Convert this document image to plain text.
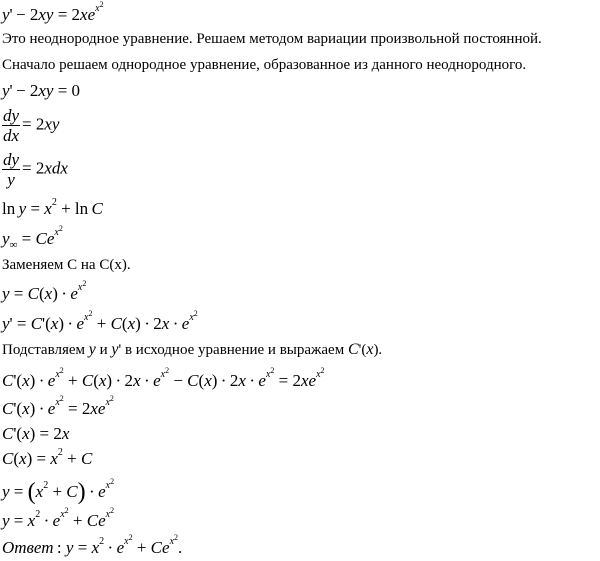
$y' - 2xy = 2xe^{x^2}$
Это неоднородное уравнение. Решаем методом вариации произвольной постоянной.
Сначало решаем однородное уравнение, образованное из данного неоднородного.
y' − 2xy = 0
$\frac{dy}{dx} = 2xy$
$\frac{dy}{y} = 2xdx$
$\ln y = x^2 + \ln C$
$y_\infty = Ce^{x^2}$
Заменяем С на С(x).
$y = C(x) \cdot e^{x^2}$
$y' = C'(x) \cdot e^{x^2} + C(x) \cdot 2x \cdot e^{x^2}$
Подставляем y и y' в исходное уравнение и выражаем C'(x).
$C'(x) \cdot e^{x^2} + C(x) \cdot 2x \cdot e^{x^2} - C(x) \cdot 2x \cdot e^{x^2} = 2xe^{x^2}$
$C'(x) \cdot e^{x^2} = 2xe^{x^2}$
C'(x) = 2x
$C(x) = x^2 + C$
$y = (x^2 + C) \cdot e^{x^2}$
$y = x^2 \cdot e^{x^2} + Ce^{x^2}$
Ответ : $y = x^2 \cdot e^{x^2} + Ce^{x^2}$.
